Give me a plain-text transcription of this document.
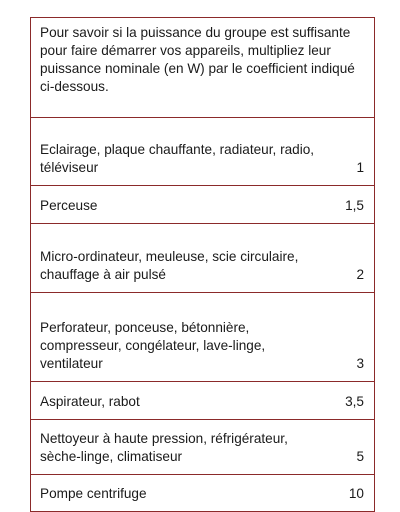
Pour savoir si la puissance du groupe est suffisante pour faire démarrer vos appareils, multipliez leur puissance nominale (en W) par le coefficient indiqué ci-dessous.
Eclairage, plaque chauffante, radiateur, radio, téléviseur	1
Perceuse	1,5
Micro-ordinateur, meuleuse, scie circulaire, chauffage à air pulsé	2
Perforateur, ponceuse, bétonnière, compresseur, congélateur, lave-linge, ventilateur	3
Aspirateur, rabot	3,5
Nettoyeur à haute pression, réfrigérateur, sèche-linge, climatiseur	5
Pompe centrifuge	10
